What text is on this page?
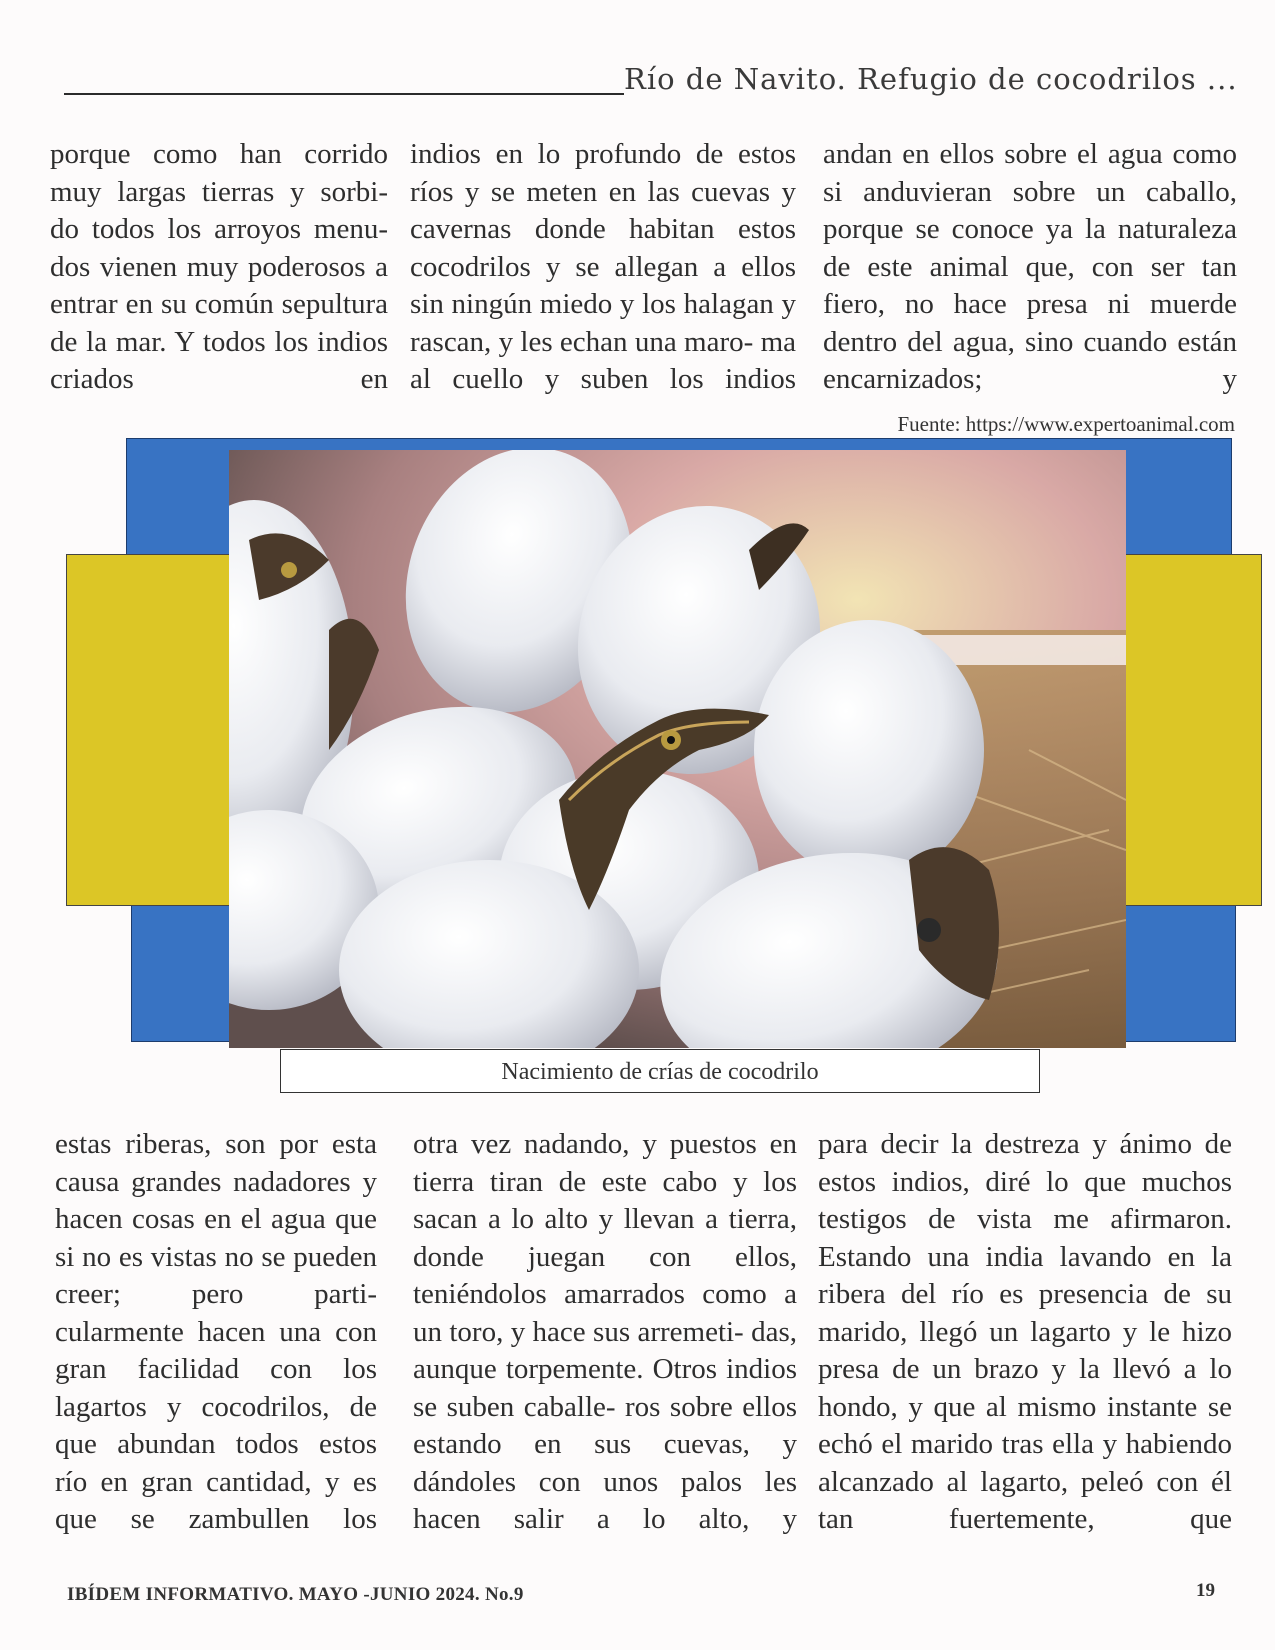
Río de Navito. Refugio de cocodrilos ...

porque como han corrido muy largas tierras y sorbi- do todos los arroyos menu- dos vienen muy poderosos a entrar en su común sepultura de la mar. Y todos los indios criados en

indios en lo profundo de estos ríos y se meten en las cuevas y cavernas donde habitan estos cocodrilos y se allegan a ellos sin ningún miedo y los halagan y rascan, y les echan una maro- ma al cuello y suben los indios

andan en ellos sobre el agua como si anduvieran sobre un caballo, porque se conoce ya la naturaleza de este animal que, con ser tan fiero, no hace presa ni muerde dentro del agua, sino cuando están encarnizados; y

Fuente: https://www.expertoanimal.com
Nacimiento de crías de cocodrilo

estas riberas, son por esta causa grandes nadadores y hacen cosas en el agua que si no es vistas no se pueden creer; pero parti- cularmente hacen una con gran facilidad con los lagartos y cocodrilos, de que abundan todos estos río en gran cantidad, y es que se zambullen los

otra vez nadando, y puestos en tierra tiran de este cabo y los sacan a lo alto y llevan a tierra, donde juegan con ellos, teniéndolos amarrados como a un toro, y hace sus arremeti- das, aunque torpemente. Otros indios se suben caballe- ros sobre ellos estando en sus cuevas, y dándoles con unos palos les hacen salir a lo alto, y

para decir la destreza y ánimo de estos indios, diré lo que muchos testigos de vista me afirmaron. Estando una india lavando en la ribera del río es presencia de su marido, llegó un lagarto y le hizo presa de un brazo y la llevó a lo hondo, y que al mismo instante se echó el marido tras ella y habiendo alcanzado al lagarto, peleó con él tan fuertemente, que

IBÍDEM INFORMATIVO. MAYO -JUNIO 2024. No.9	19
